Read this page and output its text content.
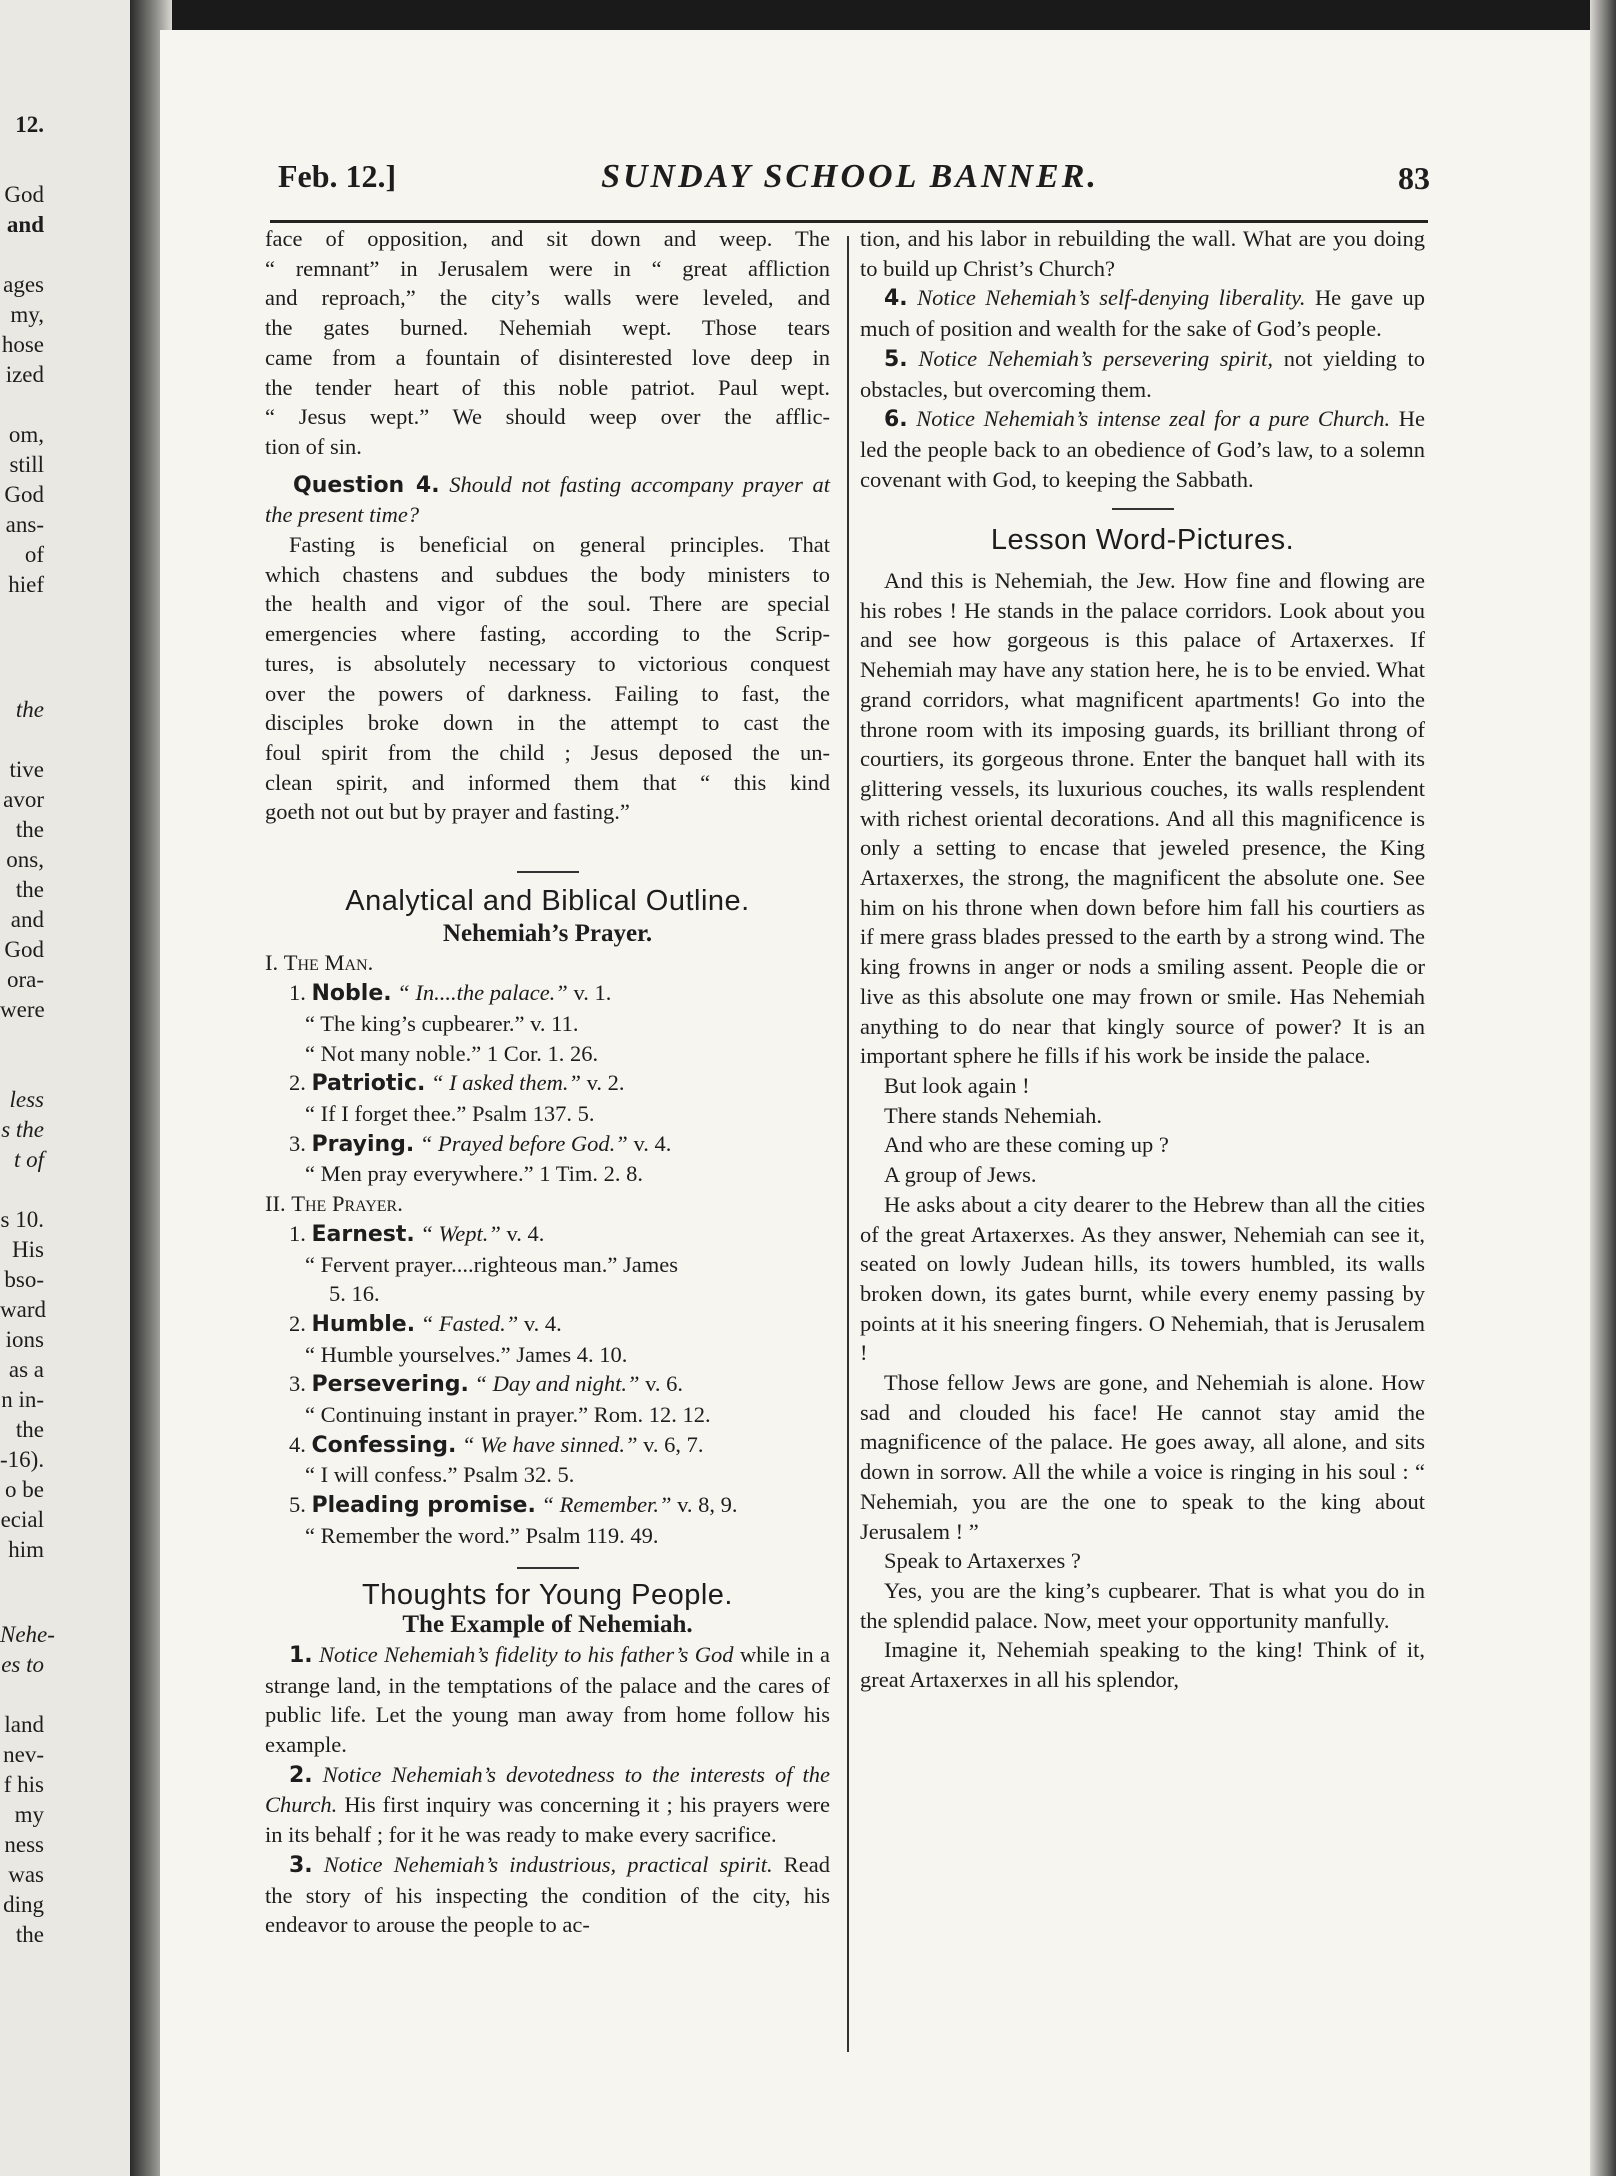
12.
God
and
ages
my,
hose
ized
om,
still
God
ans-
of
hief
the
tive
avor
the
ons,
the
and
God
ora-
were
less
s the
t of
s 10.
His
bso-
ward
ions
as a
n in-
the
-16).
o be
ecial
him
Nehe-
es to
land
nev-
f his
my
ness
was
ding
the
Feb. 12.]	SUNDAY SCHOOL BANNER.	83
face of opposition, and sit down and weep. The
“ remnant” in Jerusalem were in “ great affliction
and reproach,” the city’s walls were leveled, and
the gates burned. Nehemiah wept. Those tears
came from a fountain of disinterested love deep in
the tender heart of this noble patriot. Paul wept.
“ Jesus wept.” We should weep over the afflic-
tion of sin.

Question 4. Should not fasting accompany prayer at the present time?

Fasting is beneficial on general principles. That
which chastens and subdues the body ministers to
the health and vigor of the soul. There are special
emergencies where fasting, according to the Scrip-
tures, is absolutely necessary to victorious conquest
over the powers of darkness. Failing to fast, the
disciples broke down in the attempt to cast the
foul spirit from the child ; Jesus deposed the un-
clean spirit, and informed them that “ this kind
goeth not out but by prayer and fasting.”
Analytical and Biblical Outline.
Nehemiah’s Prayer.
I. The Man.
1. Noble. “ In....the palace.” v. 1.
“ The king’s cupbearer.” v. 11.
“ Not many noble.” 1 Cor. 1. 26.
2. Patriotic. “ I asked them.” v. 2.
“ If I forget thee.” Psalm 137. 5.
3. Praying. “ Prayed before God.” v. 4.
“ Men pray everywhere.” 1 Tim. 2. 8.
II. The Prayer.
1. Earnest. “ Wept.” v. 4.
“ Fervent prayer....righteous man.” James
5. 16.
2. Humble. “ Fasted.” v. 4.
“ Humble yourselves.” James 4. 10.
3. Persevering. “ Day and night.” v. 6.
“ Continuing instant in prayer.” Rom. 12. 12.
4. Confessing. “ We have sinned.” v. 6, 7.
“ I will confess.” Psalm 32. 5.
5. Pleading promise. “ Remember.” v. 8, 9.
“ Remember the word.” Psalm 119. 49.
Thoughts for Young People.
The Example of Nehemiah.

1. Notice Nehemiah’s fidelity to his father’s God while in a strange land, in the temptations of the palace and the cares of public life. Let the young man away from home follow his example.

2. Notice Nehemiah’s devotedness to the interests of the Church. His first inquiry was concerning it ; his prayers were in its behalf ; for it he was ready to make every sacrifice.

3. Notice Nehemiah’s industrious, practical spirit. Read the story of his inspecting the condition of the city, his endeavor to arouse the people to ac-

tion, and his labor in rebuilding the wall. What are you doing to build up Christ’s Church?

4. Notice Nehemiah’s self-denying liberality. He gave up much of position and wealth for the sake of God’s people.

5. Notice Nehemiah’s persevering spirit, not yielding to obstacles, but overcoming them.

6. Notice Nehemiah’s intense zeal for a pure Church. He led the people back to an obedience of God’s law, to a solemn covenant with God, to keeping the Sabbath.

Lesson Word-Pictures.

And this is Nehemiah, the Jew. How fine and flowing are his robes ! He stands in the palace corridors. Look about you and see how gorgeous is this palace of Artaxerxes. If Nehemiah may have any station here, he is to be envied. What grand corridors, what magnificent apartments! Go into the throne room with its imposing guards, its brilliant throng of courtiers, its gorgeous throne. Enter the banquet hall with its glittering vessels, its luxurious couches, its walls resplendent with richest oriental decorations. And all this magnificence is only a setting to encase that jeweled presence, the King Artaxerxes, the strong, the magnificent the absolute one. See him on his throne when down before him fall his courtiers as if mere grass blades pressed to the earth by a strong wind. The king frowns in anger or nods a smiling assent. People die or live as this absolute one may frown or smile. Has Nehemiah anything to do near that kingly source of power? It is an important sphere he fills if his work be inside the palace.

But look again !
There stands Nehemiah.
And who are these coming up ?
A group of Jews.

He asks about a city dearer to the Hebrew than all the cities of the great Artaxerxes. As they answer, Nehemiah can see it, seated on lowly Judean hills, its towers humbled, its walls broken down, its gates burnt, while every enemy passing by points at it his sneering fingers. O Nehemiah, that is Jerusalem !

Those fellow Jews are gone, and Nehemiah is alone. How sad and clouded his face! He cannot stay amid the magnificence of the palace. He goes away, all alone, and sits down in sorrow. All the while a voice is ringing in his soul : “ Nehemiah, you are the one to speak to the king about Jerusalem ! ”

Speak to Artaxerxes ?

Yes, you are the king’s cupbearer. That is what you do in the splendid palace. Now, meet your opportunity manfully.

Imagine it, Nehemiah speaking to the king! Think of it, great Artaxerxes in all his splendor,
